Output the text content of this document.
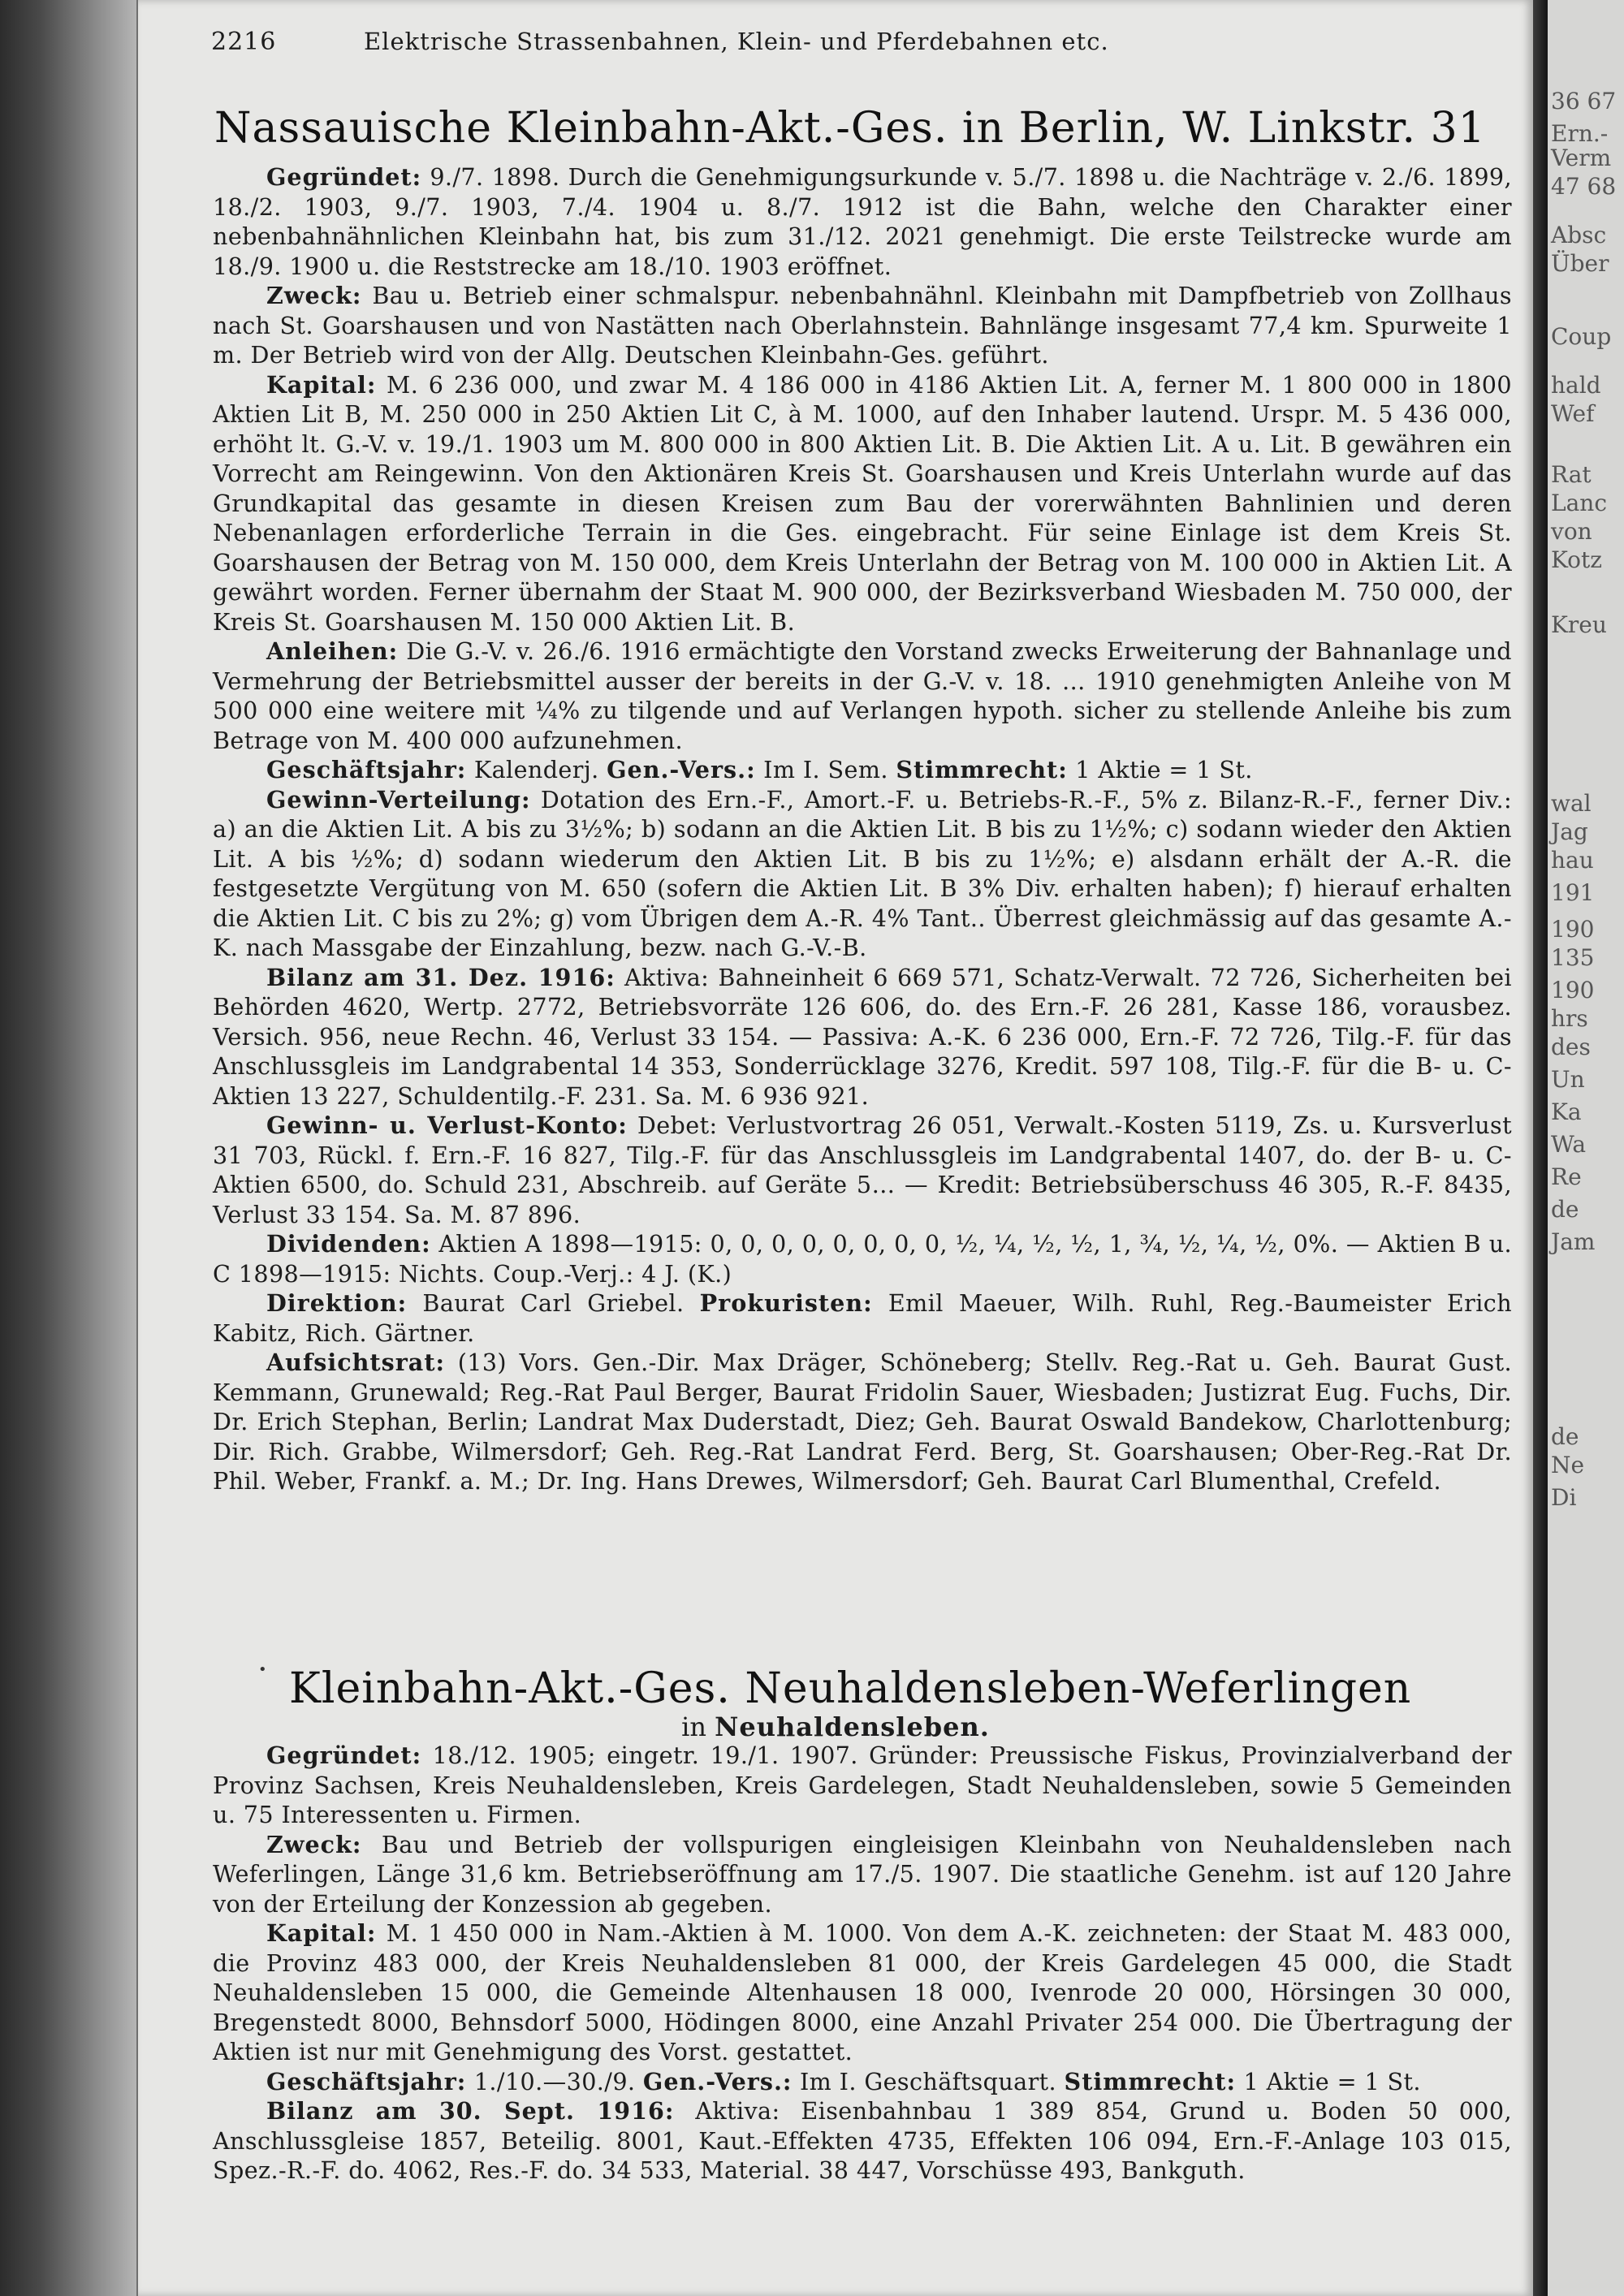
2216	Elektrische Strassenbahnen, Klein- und Pferdebahnen etc.
Nassauische Kleinbahn-Akt.-Ges. in Berlin, W. Linkstr. 31

Gegründet: 9./7. 1898. Durch die Genehmigungsurkunde v. 5./7. 1898 u. die Nachträge v. 2./6. 1899, 18./2. 1903, 9./7. 1903, 7./4. 1904 u. 8./7. 1912 ist die Bahn, welche den Charakter einer nebenbahnähnlichen Kleinbahn hat, bis zum 31./12. 2021 genehmigt. Die erste Teilstrecke wurde am 18./9. 1900 u. die Reststrecke am 18./10. 1903 eröffnet.

Zweck: Bau u. Betrieb einer schmalspur. nebenbahnähnl. Kleinbahn mit Dampfbetrieb von Zollhaus nach St. Goarshausen und von Nastätten nach Oberlahnstein. Bahnlänge insgesamt 77,4 km. Spurweite 1 m. Der Betrieb wird von der Allg. Deutschen Kleinbahn-Ges. geführt.

Kapital: M. 6 236 000, und zwar M. 4 186 000 in 4186 Aktien Lit. A, ferner M. 1 800 000 in 1800 Aktien Lit B, M. 250 000 in 250 Aktien Lit C, à M. 1000, auf den Inhaber lautend. Urspr. M. 5 436 000, erhöht lt. G.-V. v. 19./1. 1903 um M. 800 000 in 800 Aktien Lit. B. Die Aktien Lit. A u. Lit. B gewähren ein Vorrecht am Reingewinn. Von den Aktionären Kreis St. Goarshausen und Kreis Unterlahn wurde auf das Grundkapital das gesamte in diesen Kreisen zum Bau der vorerwähnten Bahnlinien und deren Nebenanlagen erforderliche Terrain in die Ges. eingebracht. Für seine Einlage ist dem Kreis St. Goarshausen der Betrag von M. 150 000, dem Kreis Unterlahn der Betrag von M. 100 000 in Aktien Lit. A gewährt worden. Ferner übernahm der Staat M. 900 000, der Bezirksverband Wiesbaden M. 750 000, der Kreis St. Goarshausen M. 150 000 Aktien Lit. B.

Anleihen: Die G.-V. v. 26./6. 1916 ermächtigte den Vorstand zwecks Erweiterung der Bahnanlage und Vermehrung der Betriebsmittel ausser der bereits in der G.-V. v. 18. … 1910 genehmigten Anleihe von M 500 000 eine weitere mit ¼% zu tilgende und auf Verlangen hypoth. sicher zu stellende Anleihe bis zum Betrage von M. 400 000 aufzunehmen.

Geschäftsjahr: Kalenderj. Gen.-Vers.: Im I. Sem. Stimmrecht: 1 Aktie = 1 St.

Gewinn-Verteilung: Dotation des Ern.-F., Amort.-F. u. Betriebs-R.-F., 5% z. Bilanz-R.-F., ferner Div.: a) an die Aktien Lit. A bis zu 3½%; b) sodann an die Aktien Lit. B bis zu 1½%; c) sodann wieder den Aktien Lit. A bis ½%; d) sodann wiederum den Aktien Lit. B bis zu 1½%; e) alsdann erhält der A.-R. die festgesetzte Vergütung von M. 650 (sofern die Aktien Lit. B 3% Div. erhalten haben); f) hierauf erhalten die Aktien Lit. C bis zu 2%; g) vom Übrigen dem A.-R. 4% Tant.. Überrest gleichmässig auf das gesamte A.-K. nach Massgabe der Einzahlung, bezw. nach G.-V.-B.

Bilanz am 31. Dez. 1916: Aktiva: Bahneinheit 6 669 571, Schatz-Verwalt. 72 726, Sicherheiten bei Behörden 4620, Wertp. 2772, Betriebsvorräte 126 606, do. des Ern.-F. 26 281, Kasse 186, vorausbez. Versich. 956, neue Rechn. 46, Verlust 33 154. — Passiva: A.-K. 6 236 000, Ern.-F. 72 726, Tilg.-F. für das Anschlussgleis im Landgrabental 14 353, Sonderrücklage 3276, Kredit. 597 108, Tilg.-F. für die B- u. C-Aktien 13 227, Schuldentilg.-F. 231. Sa. M. 6 936 921.

Gewinn- u. Verlust-Konto: Debet: Verlustvortrag 26 051, Verwalt.-Kosten 5119, Zs. u. Kursverlust 31 703, Rückl. f. Ern.-F. 16 827, Tilg.-F. für das Anschlussgleis im Landgrabental 1407, do. der B- u. C-Aktien 6500, do. Schuld 231, Abschreib. auf Geräte 5… — Kredit: Betriebsüberschuss 46 305, R.-F. 8435, Verlust 33 154. Sa. M. 87 896.

Dividenden: Aktien A 1898—1915: 0, 0, 0, 0, 0, 0, 0, 0, ½, ¼, ½, ½, 1, ¾, ½, ¼, ½, 0%. — Aktien B u. C 1898—1915: Nichts. Coup.-Verj.: 4 J. (K.)

Direktion: Baurat Carl Griebel. Prokuristen: Emil Maeuer, Wilh. Ruhl, Reg.-Baumeister Erich Kabitz, Rich. Gärtner.

Aufsichtsrat: (13) Vors. Gen.-Dir. Max Dräger, Schöneberg; Stellv. Reg.-Rat u. Geh. Baurat Gust. Kemmann, Grunewald; Reg.-Rat Paul Berger, Baurat Fridolin Sauer, Wiesbaden; Justizrat Eug. Fuchs, Dir. Dr. Erich Stephan, Berlin; Landrat Max Duderstadt, Diez; Geh. Baurat Oswald Bandekow, Charlottenburg; Dir. Rich. Grabbe, Wilmersdorf; Geh. Reg.-Rat Landrat Ferd. Berg, St. Goarshausen; Ober-Reg.-Rat Dr. Phil. Weber, Frankf. a. M.; Dr. Ing. Hans Drewes, Wilmersdorf; Geh. Baurat Carl Blumenthal, Crefeld.

• Kleinbahn-Akt.-Ges. Neuhaldensleben-Weferlingen
in Neuhaldensleben.

Gegründet: 18./12. 1905; eingetr. 19./1. 1907. Gründer: Preussische Fiskus, Provinzialverband der Provinz Sachsen, Kreis Neuhaldensleben, Kreis Gardelegen, Stadt Neuhaldensleben, sowie 5 Gemeinden u. 75 Interessenten u. Firmen.

Zweck: Bau und Betrieb der vollspurigen eingleisigen Kleinbahn von Neuhaldensleben nach Weferlingen, Länge 31,6 km. Betriebseröffnung am 17./5. 1907. Die staatliche Genehm. ist auf 120 Jahre von der Erteilung der Konzession ab gegeben.

Kapital: M. 1 450 000 in Nam.-Aktien à M. 1000. Von dem A.-K. zeichneten: der Staat M. 483 000, die Provinz 483 000, der Kreis Neuhaldensleben 81 000, der Kreis Gardelegen 45 000, die Stadt Neuhaldensleben 15 000, die Gemeinde Altenhausen 18 000, Ivenrode 20 000, Hörsingen 30 000, Bregenstedt 8000, Behnsdorf 5000, Hödingen 8000, eine Anzahl Privater 254 000. Die Übertragung der Aktien ist nur mit Genehmigung des Vorst. gestattet.

Geschäftsjahr: 1./10.—30./9. Gen.-Vers.: Im I. Geschäftsquart. Stimmrecht: 1 Aktie = 1 St.

Bilanz am 30. Sept. 1916: Aktiva: Eisenbahnbau 1 389 854, Grund u. Boden 50 000, Anschlussgleise 1857, Beteilig. 8001, Kaut.-Effekten 4735, Effekten 106 094, Ern.-F.-Anlage 103 015, Spez.-R.-F. do. 4062, Res.-F. do. 34 533, Material. 38 447, Vorschüsse 493, Bankguth.

36 67
Ern.-
Verm
47 68
Absc
Über
Coup
hald
Wef
Rat
Lanc
von
Kotz
Kreu
wal
Jag
hau
191
190
135
190
hrs
des
Un
Ka
Wa
Re
de
Jam
de
Ne
Di
